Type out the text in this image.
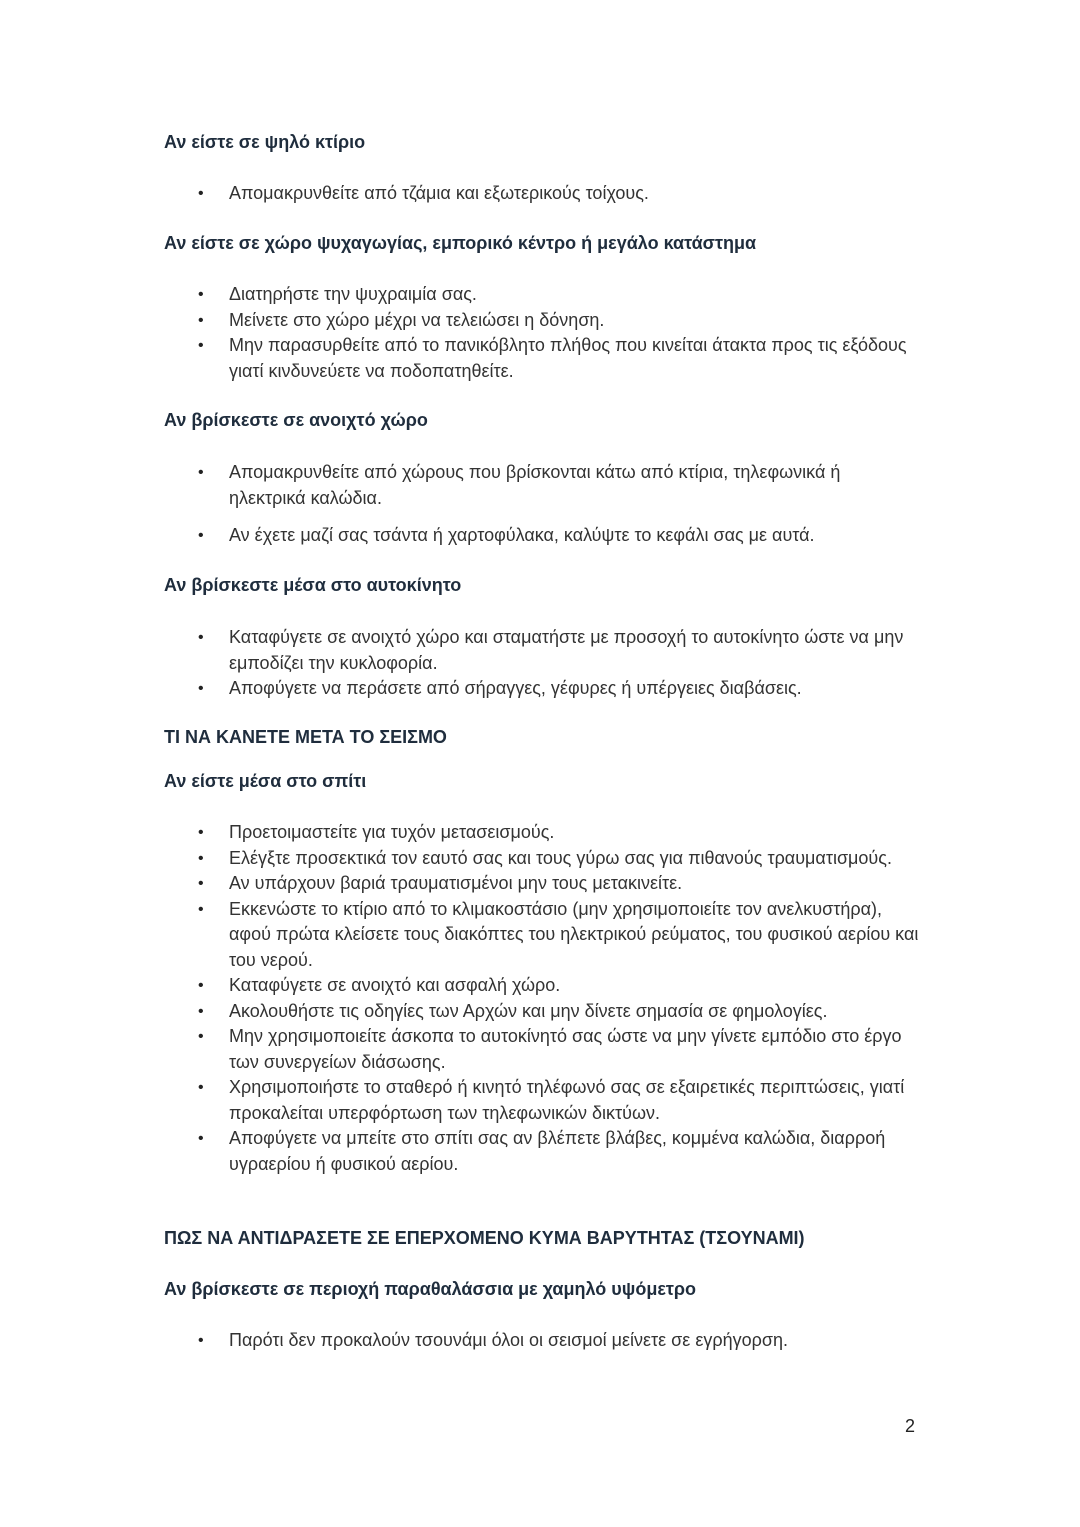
Αν είστε σε ψηλό κτίριο
• Απομακρυνθείτε από τζάμια και εξωτερικούς τοίχους.
Αν είστε σε χώρο ψυχαγωγίας, εμπορικό κέντρο ή μεγάλο κατάστημα
• Διατηρήστε την ψυχραιμία σας.
• Μείνετε στο χώρο μέχρι να τελειώσει η δόνηση.
• Μην παρασυρθείτε από το πανικόβλητο πλήθος που κινείται άτακτα προς τις εξόδους γιατί κινδυνεύετε να ποδοπατηθείτε.
Αν βρίσκεστε σε ανοιχτό χώρο
• Απομακρυνθείτε από χώρους που βρίσκονται κάτω από κτίρια, τηλεφωνικά ή ηλεκτρικά καλώδια.
• Αν έχετε μαζί σας τσάντα ή χαρτοφύλακα, καλύψτε το κεφάλι σας με αυτά.
Αν βρίσκεστε μέσα στο αυτοκίνητο
• Καταφύγετε σε ανοιχτό χώρο και σταματήστε με προσοχή το αυτοκίνητο ώστε να μην εμποδίζει την κυκλοφορία.
• Αποφύγετε να περάσετε από σήραγγες, γέφυρες ή υπέργειες διαβάσεις.
ΤΙ ΝΑ ΚΑΝΕΤΕ ΜΕΤΑ ΤΟ ΣΕΙΣΜΟ
Αν είστε μέσα στο σπίτι
• Προετοιμαστείτε για τυχόν μετασεισμούς.
• Ελέγξτε προσεκτικά τον εαυτό σας και τους γύρω σας για πιθανούς τραυματισμούς.
• Αν υπάρχουν βαριά τραυματισμένοι μην τους μετακινείτε.
• Εκκενώστε το κτίριο από το κλιμακοστάσιο (μην χρησιμοποιείτε τον ανελκυστήρα), αφού πρώτα κλείσετε τους διακόπτες του ηλεκτρικού ρεύματος, του φυσικού αερίου και του νερού.
• Καταφύγετε σε ανοιχτό και ασφαλή χώρο.
• Ακολουθήστε τις οδηγίες των Αρχών και μην δίνετε σημασία σε φημολογίες.
• Μην χρησιμοποιείτε άσκοπα το αυτοκίνητό σας ώστε να μην γίνετε εμπόδιο στο έργο των συνεργείων διάσωσης.
• Χρησιμοποιήστε το σταθερό ή κινητό τηλέφωνό σας σε εξαιρετικές περιπτώσεις, γιατί προκαλείται υπερφόρτωση των τηλεφωνικών δικτύων.
• Αποφύγετε να μπείτε στο σπίτι σας αν βλέπετε βλάβες, κομμένα καλώδια, διαρροή υγραερίου ή φυσικού αερίου.
ΠΩΣ ΝΑ ΑΝΤΙΔΡΑΣΕΤΕ ΣΕ ΕΠΕΡΧΟΜΕΝΟ ΚΥΜΑ ΒΑΡΥΤΗΤΑΣ (ΤΣΟΥΝΑΜΙ)
Αν βρίσκεστε σε περιοχή παραθαλάσσια με χαμηλό υψόμετρο
• Παρότι δεν προκαλούν τσουνάμι όλοι οι σεισμοί μείνετε σε εγρήγορση.
2
